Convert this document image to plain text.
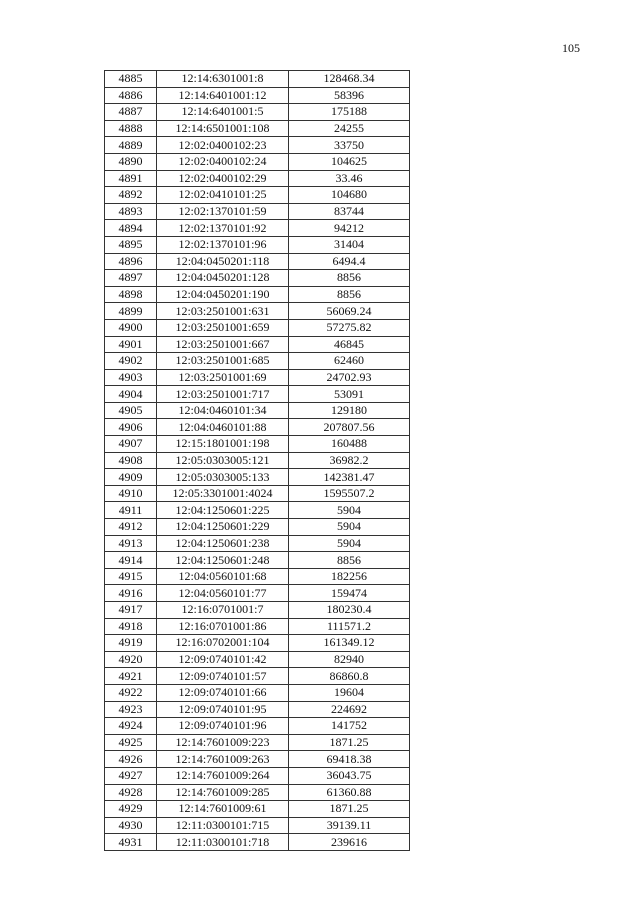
105
4885	12:14:6301001:8	128468.34
4886	12:14:6401001:12	58396
4887	12:14:6401001:5	175188
4888	12:14:6501001:108	24255
4889	12:02:0400102:23	33750
4890	12:02:0400102:24	104625
4891	12:02:0400102:29	33.46
4892	12:02:0410101:25	104680
4893	12:02:1370101:59	83744
4894	12:02:1370101:92	94212
4895	12:02:1370101:96	31404
4896	12:04:0450201:118	6494.4
4897	12:04:0450201:128	8856
4898	12:04:0450201:190	8856
4899	12:03:2501001:631	56069.24
4900	12:03:2501001:659	57275.82
4901	12:03:2501001:667	46845
4902	12:03:2501001:685	62460
4903	12:03:2501001:69	24702.93
4904	12:03:2501001:717	53091
4905	12:04:0460101:34	129180
4906	12:04:0460101:88	207807.56
4907	12:15:1801001:198	160488
4908	12:05:0303005:121	36982.2
4909	12:05:0303005:133	142381.47
4910	12:05:3301001:4024	1595507.2
4911	12:04:1250601:225	5904
4912	12:04:1250601:229	5904
4913	12:04:1250601:238	5904
4914	12:04:1250601:248	8856
4915	12:04:0560101:68	182256
4916	12:04:0560101:77	159474
4917	12:16:0701001:7	180230.4
4918	12:16:0701001:86	111571.2
4919	12:16:0702001:104	161349.12
4920	12:09:0740101:42	82940
4921	12:09:0740101:57	86860.8
4922	12:09:0740101:66	19604
4923	12:09:0740101:95	224692
4924	12:09:0740101:96	141752
4925	12:14:7601009:223	1871.25
4926	12:14:7601009:263	69418.38
4927	12:14:7601009:264	36043.75
4928	12:14:7601009:285	61360.88
4929	12:14:7601009:61	1871.25
4930	12:11:0300101:715	39139.11
4931	12:11:0300101:718	239616
